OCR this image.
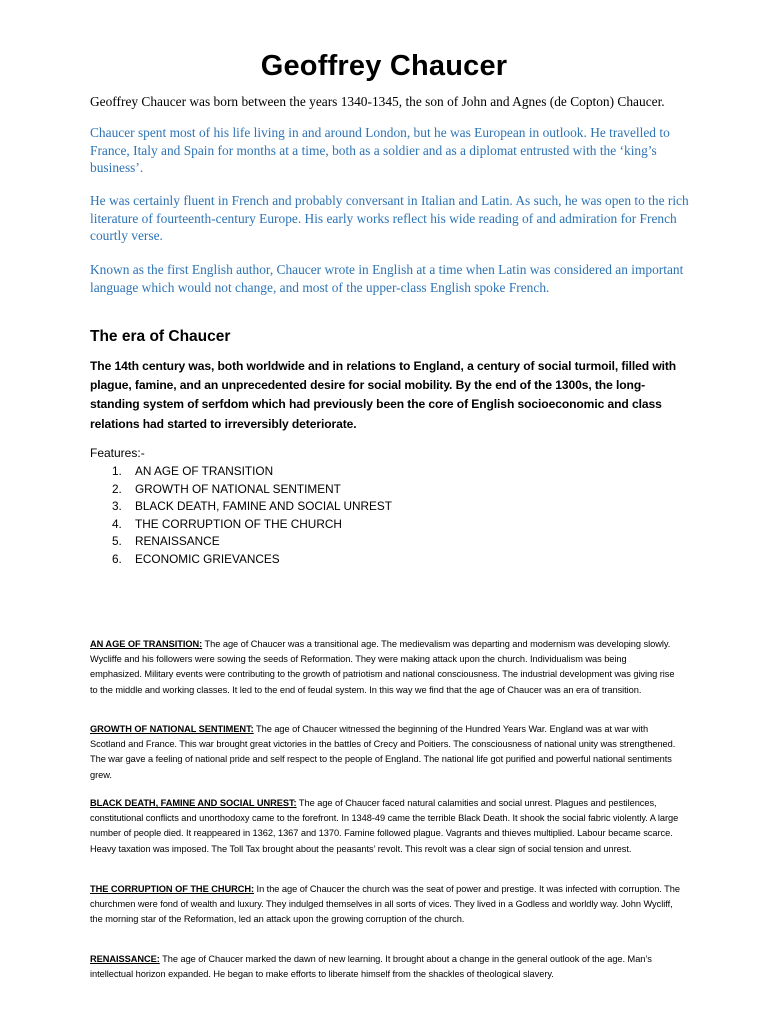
Geoffrey Chaucer
Geoffrey Chaucer was born between the years 1340-1345, the son of John and Agnes (de Copton) Chaucer.
Chaucer spent most of his life living in and around London, but he was European in outlook. He travelled to France, Italy and Spain for months at a time, both as a soldier and as a diplomat entrusted with the ‘king’s business’.
He was certainly fluent in French and probably conversant in Italian and Latin. As such, he was open to the rich literature of fourteenth-century Europe. His early works reflect his wide reading of and admiration for French courtly verse.
Known as the first English author, Chaucer wrote in English at a time when Latin was considered an important language which would not change, and most of the upper-class English spoke French.
The era of Chaucer
The 14th century was, both worldwide and in relations to England, a century of social turmoil, filled with plague, famine, and an unprecedented desire for social mobility. By the end of the 1300s, the long-standing system of serfdom which had previously been the core of English socioeconomic and class relations had started to irreversibly deteriorate.
Features:-
1. AN AGE OF TRANSITION
2. GROWTH OF NATIONAL SENTIMENT
3. BLACK DEATH, FAMINE AND SOCIAL UNREST
4. THE CORRUPTION OF THE CHURCH
5. RENAISSANCE
6. ECONOMIC GRIEVANCES
AN AGE OF TRANSITION: The age of Chaucer was a transitional age. The medievalism was departing and modernism was developing slowly. Wycliffe and his followers were sowing the seeds of Reformation. They were making attack upon the church. Individualism was being emphasized. Military events were contributing to the growth of patriotism and national consciousness. The industrial development was giving rise to the middle and working classes. It led to the end of feudal system. In this way we find that the age of Chaucer was an era of transition.
GROWTH OF NATIONAL SENTIMENT: The age of Chaucer witnessed the beginning of the Hundred Years War. England was at war with Scotland and France. This war brought great victories in the battles of Crecy and Poitiers. The consciousness of national unity was strengthened. The war gave a feeling of national pride and self respect to the people of England. The national life got purified and powerful national sentiments grew.
BLACK DEATH, FAMINE AND SOCIAL UNREST: The age of Chaucer faced natural calamities and social unrest. Plagues and pestilences, constitutional conflicts and unorthodoxy came to the forefront. In 1348-49 came the terrible Black Death. It shook the social fabric violently. A large number of people died. It reappeared in 1362, 1367 and 1370. Famine followed plague. Vagrants and thieves multiplied. Labour became scarce. Heavy taxation was imposed. The Toll Tax brought about the peasants’ revolt. This revolt was a clear sign of social tension and unrest.
THE CORRUPTION OF THE CHURCH: In the age of Chaucer the church was the seat of power and prestige. It was infected with corruption. The churchmen were fond of wealth and luxury. They indulged themselves in all sorts of vices. They lived in a Godless and worldly way. John Wycliff, the morning star of the Reformation, led an attack upon the growing corruption of the church.
RENAISSANCE: The age of Chaucer marked the dawn of new learning. It brought about a change in the general outlook of the age. Man’s intellectual horizon expanded. He began to make efforts to liberate himself from the shackles of theological slavery.
